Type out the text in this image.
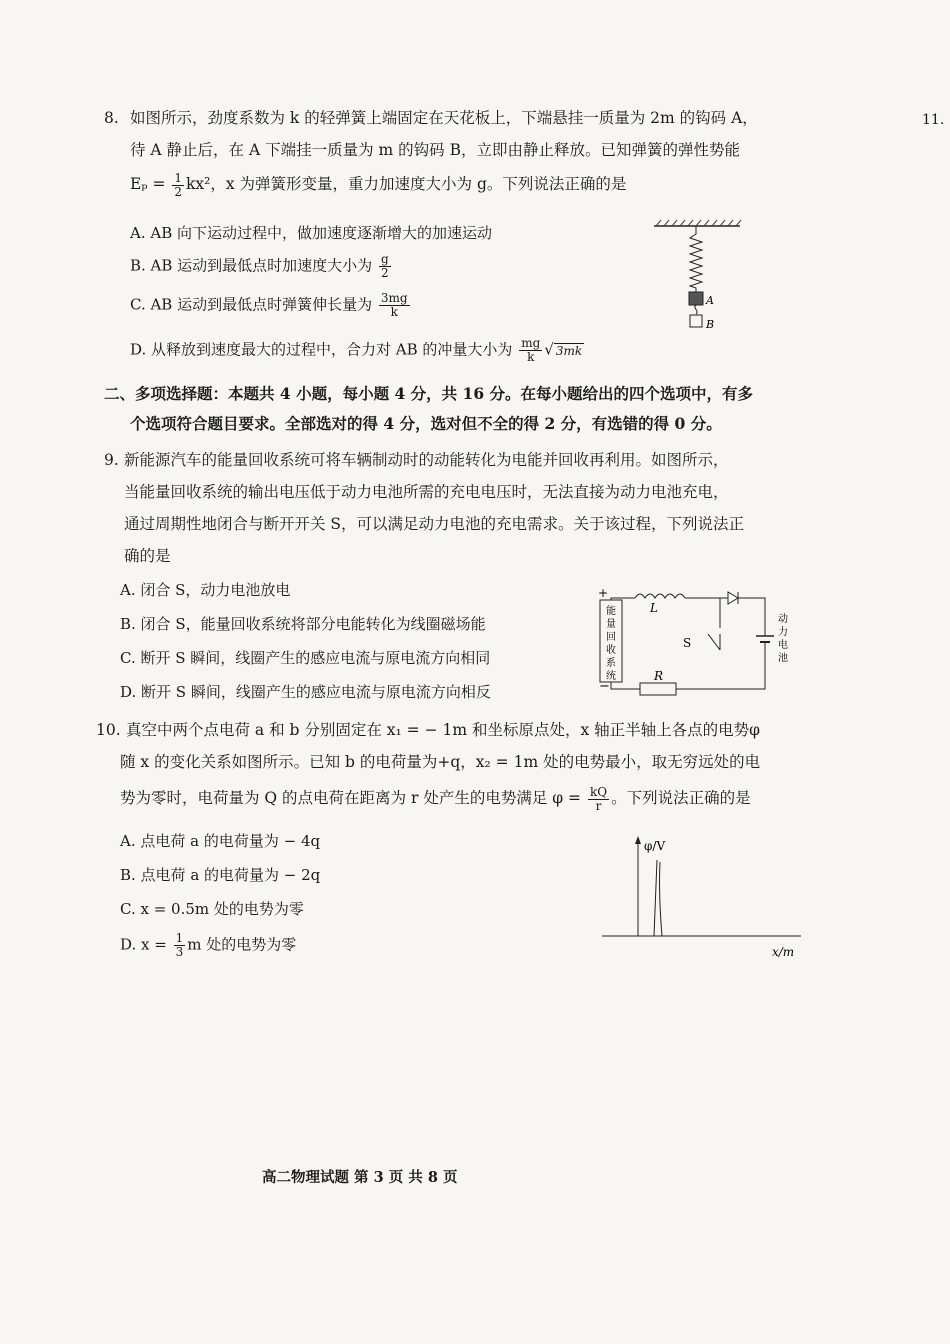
11.
8. 如图所示，劲度系数为 k 的轻弹簧上端固定在天花板上，下端悬挂一质量为 2m 的钩码 A，
待 A 静止后，在 A 下端挂一质量为 m 的钩码 B，立即由静止释放。已知弹簧的弹性势能
$E_p = \frac{1}{2} kx^2$，x 为弹簧形变量，重力加速度大小为 g。下列说法正确的是
A. AB 向下运动过程中，做加速度逐渐增大的加速运动
B. AB 运动到最低点时加速度大小为 $\frac{g}{2}$
C. AB 运动到最低点时弹簧伸长量为 $\frac{3mg}{k}$
D. 从释放到速度最大的过程中，合力对 AB 的冲量大小为 $\frac{mg}{k}$ √ 3mk
A
B
二、多项选择题：本题共 4 小题，每小题 4 分，共 16 分。在每小题给出的四个选项中，有多
个选项符合题目要求。全部选对的得 4 分，选对但不全的得 2 分，有选错的得 0 分。
9. 新能源汽车的能量回收系统可将车辆制动时的动能转化为电能并回收再利用。如图所示，
当能量回收系统的输出电压低于动力电池所需的充电电压时，无法直接为动力电池充电，
通过周期性地闭合与断开开关 S，可以满足动力电池的充电需求。关于该过程，下列说法正
确的是
A. 闭合 S，动力电池放电
B. 闭合 S，能量回收系统将部分电能转化为线圈磁场能
C. 断开 S 瞬间，线圈产生的感应电流与原电流方向相同
D. 断开 S 瞬间，线圈产生的感应电流与原电流方向相反
+
−
能
量
回
收
系
统
L
S
动
力
电
池
R
10. 真空中两个点电荷 a 和 b 分别固定在 x₁ = − 1m 和坐标原点处，x 轴正半轴上各点的电势φ
随 x 的变化关系如图所示。已知 b 的电荷量为+q，x₂ = 1m 处的电势最小，取无穷远处的电
势为零时，电荷量为 Q 的点电荷在距离为 r 处产生的电势满足 $\varphi = \frac{kQ}{r}$ 。下列说法正确的是
A. 点电荷 a 的电荷量为 − 4q
B. 点电荷 a 的电荷量为 − 2q
C. x = 0.5m 处的电势为零
D. $x = \frac{1}{3}$ m 处的电势为零
φ/V
x/m
高二物理试题 第 3 页 共 8 页
